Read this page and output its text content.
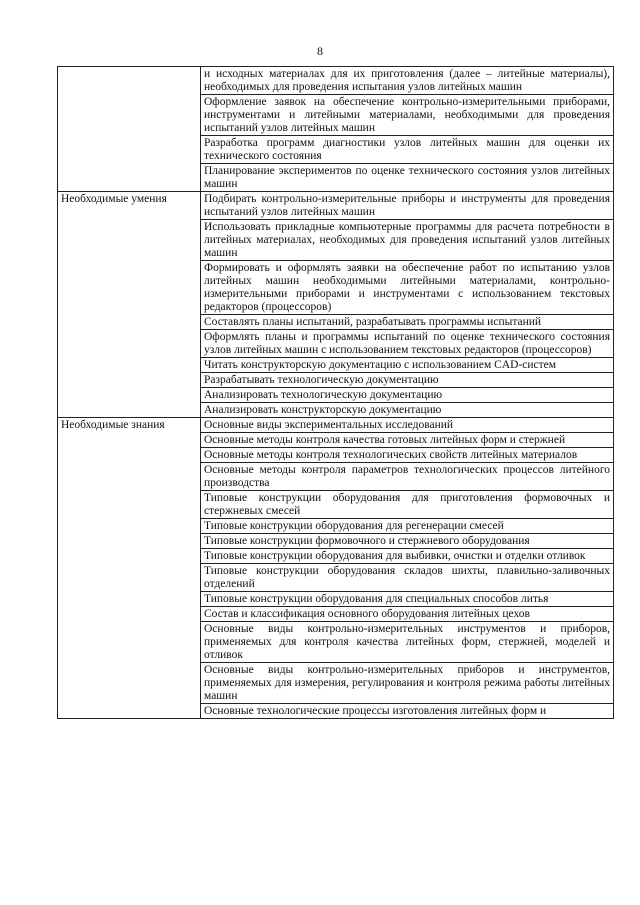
8
	и исходных материалах для их приготовления (далее – литейные материалы), необходимых для проведения испытания узлов литейных машин
	Оформление заявок на обеспечение контрольно-измерительными приборами, инструментами и литейными материалами, необходимыми для проведения испытаний узлов литейных машин
	Разработка программ диагностики узлов литейных машин для оценки их технического состояния
	Планирование экспериментов по оценке технического состояния узлов литейных машин
Необходимые умения	Подбирать контрольно-измерительные приборы и инструменты для проведения испытаний узлов литейных машин
	Использовать прикладные компьютерные программы для расчета потребности в литейных материалах, необходимых для проведения испытаний узлов литейных машин
	Формировать и оформлять заявки на обеспечение работ по испытанию узлов литейных машин необходимыми литейными материалами, контрольно-измерительными приборами и инструментами с использованием текстовых редакторов (процессоров)
	Составлять планы испытаний, разрабатывать программы испытаний
	Оформлять планы и программы испытаний по оценке технического состояния узлов литейных машин с использованием текстовых редакторов (процессоров)
	Читать конструкторскую документацию с использованием CAD-систем
	Разрабатывать технологическую документацию
	Анализировать технологическую документацию
	Анализировать конструкторскую документацию
Необходимые знания	Основные виды экспериментальных исследований
	Основные методы контроля качества готовых литейных форм и стержней
	Основные методы контроля технологических свойств литейных материалов
	Основные методы контроля параметров технологических процессов литейного производства
	Типовые конструкции оборудования для приготовления формовочных и стержневых смесей
	Типовые конструкции оборудования для регенерации смесей
	Типовые конструкции формовочного и стержневого оборудования
	Типовые конструкции оборудования для выбивки, очистки и отделки отливок
	Типовые конструкции оборудования складов шихты, плавильно-заливочных отделений
	Типовые конструкции оборудования для специальных способов литья
	Состав и классификация основного оборудования литейных цехов
	Основные виды контрольно-измерительных инструментов и приборов, применяемых для контроля качества литейных форм, стержней, моделей и отливок
	Основные виды контрольно-измерительных приборов и инструментов, применяемых для измерения, регулирования и контроля режима работы литейных машин
	Основные технологические процессы изготовления литейных форм и
